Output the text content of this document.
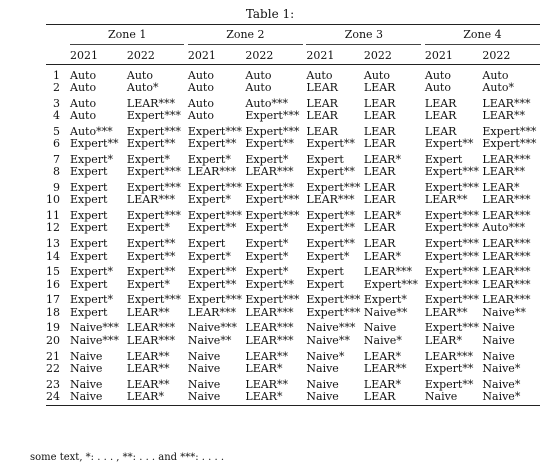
Table 1:

	Zone 1			Zone 2			Zone 3			Zone 4	
	2021	2022		2021	2022		2021	2022		2021	2022

1	Auto	Auto		Auto	Auto		Auto	Auto		Auto	Auto
2	Auto	Auto*		Auto	Auto		LEAR	LEAR		Auto	Auto*

3	Auto	LEAR***		Auto	Auto***		LEAR	LEAR		LEAR	LEAR***
4	Auto	Expert***		Auto	Expert***		LEAR	LEAR		LEAR	LEAR**

5	Auto***	Expert***		Expert***	Expert***		LEAR	LEAR		LEAR	Expert***
6	Expert**	Expert**		Expert**	Expert**		Expert**	LEAR		Expert**	Expert***

7	Expert*	Expert*		Expert*	Expert*		Expert	LEAR*		Expert	LEAR***
8	Expert	Expert***		LEAR***	LEAR***		Expert**	LEAR		Expert***	LEAR**

9	Expert	Expert***		Expert***	Expert**		Expert***	LEAR		Expert***	LEAR*
10	Expert	LEAR***		Expert*	Expert***		LEAR***	LEAR		LEAR**	LEAR***

11	Expert	Expert***		Expert***	Expert***		Expert**	LEAR*		Expert***	LEAR***
12	Expert	Expert*		Expert**	Expert*		Expert**	LEAR		Expert***	Auto***

13	Expert	Expert**		Expert	Expert*		Expert**	LEAR		Expert***	LEAR***
14	Expert	Expert**		Expert*	Expert*		Expert*	LEAR*		Expert***	LEAR***

15	Expert*	Expert**		Expert**	Expert*		Expert	LEAR***		Expert***	LEAR***
16	Expert	Expert*		Expert**	Expert**		Expert	Expert***		Expert***	LEAR***

17	Expert*	Expert***		Expert***	Expert***		Expert***	Expert*		Expert***	LEAR***
18	Expert	LEAR**		LEAR***	LEAR***		Expert***	Naive**		LEAR**	Naive**

19	Naive***	LEAR***		Naive***	LEAR***		Naive***	Naive		Expert***	Naive
20	Naive***	LEAR***		Naive**	LEAR***		Naive**	Naive*		LEAR*	Naive

21	Naive	LEAR**		Naive	LEAR**		Naive*	LEAR*		LEAR***	Naive
22	Naive	LEAR**		Naive	LEAR*		Naive	LEAR**		Expert**	Naive*

23	Naive	LEAR**		Naive	LEAR**		Naive	LEAR*		Expert**	Naive*
24	Naive	LEAR*		Naive	LEAR*		Naive	LEAR		Naive	Naive*

some text, *: . . . , **: . . . and ***: . . . .
